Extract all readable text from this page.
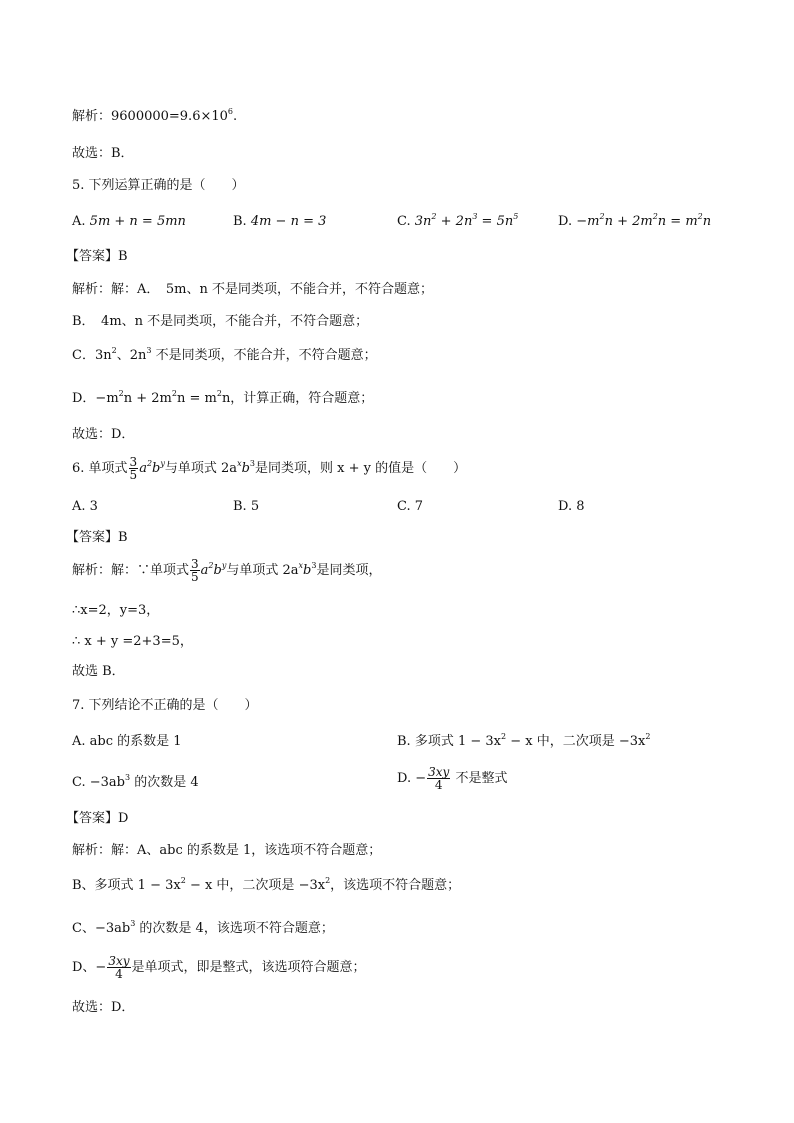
解析：$9600000=9.6\times 10^6$.
故选：B．
5. 下列运算正确的是（　　）
A. 5m + n = 5mn	B. 4m − n = 3	C. $3n^2 + 2n^3 = 5n^5$	D. $-m^2n + 2m^2n = m^2n$
【答案】B
解析：解：A．　5m、n 不是同类项，不能合并，不符合题意；
B．　4m、n 不是同类项，不能合并，不符合题意；
C．$3n^2$、$2n^3$ 不是同类项，不能合并，不符合题意；
D．$-m^2n + 2m^2n = m^2n$，计算正确，符合题意；
故选：D．
6. 单项式 $\frac{3}{5} a^2b^y$与单项式 $2a^xb^3$是同类项，则 x + y 的值是（　　）
A. 3	B. 5	C. 7	D. 8
【答案】B
解析：解：∵单项式 $\frac{3}{5} a^2b^y$与单项式 $2a^xb^3$是同类项，
∴x=2，y=3，
∴ x + y =2+3=5，
故选 B．
7. 下列结论不正确的是（　　）
A. abc 的系数是 1	B. 多项式 $1 - 3x^2 - x$ 中，二次项是 $-3x^2$
C. $-3ab^3$ 的次数是 4	D. − $\frac{3xy}{4}$ 不是整式
【答案】D
解析：解：A、abc 的系数是 1，该选项不符合题意；
B、多项式 $1 - 3x^2 - x$ 中，二次项是 $-3x^2$，该选项不符合题意；
C、$-3ab^3$ 的次数是 4，该选项不符合题意；
D、− $\frac{3xy}{4}$ 是单项式，即是整式，该选项符合题意；
故选：D．
